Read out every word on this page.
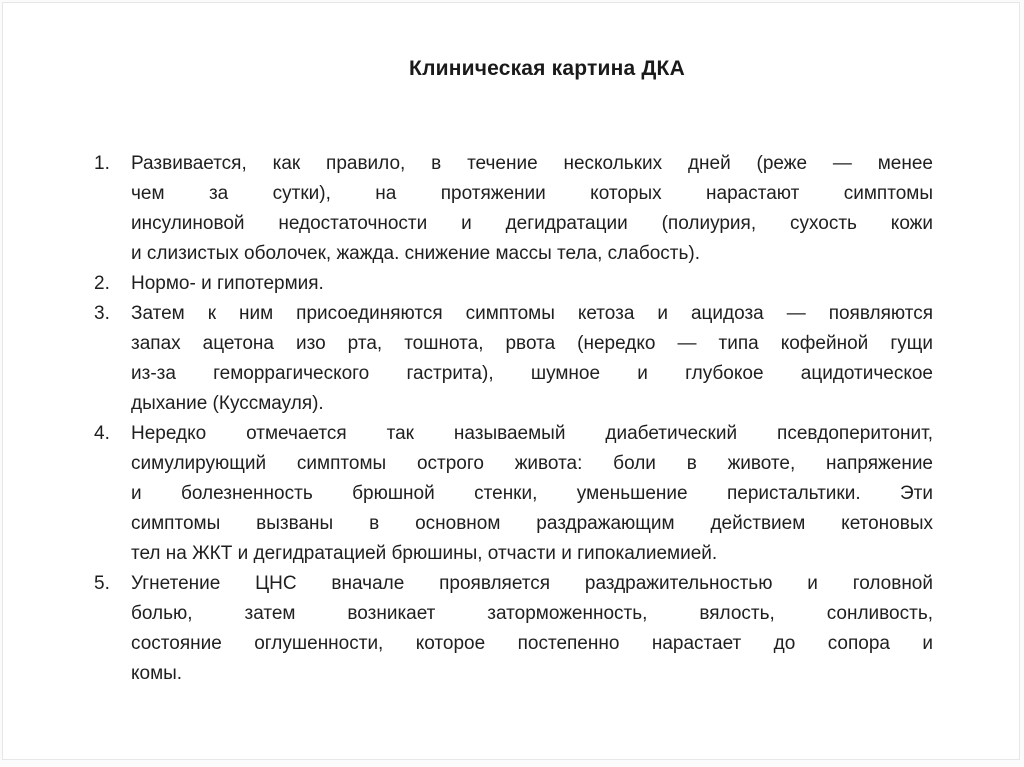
Клиническая картина ДКА
1.	Развивается, как правило, в течение нескольких дней (реже — менее
чем за сутки), на протяжении которых нарастают симптомы
инсулиновой недостаточности и дегидратации (полиурия, сухость кожи
и слизистых оболочек, жажда. снижение массы тела, слабость).
2.	Нормо- и гипотермия.
3.	Затем к ним присоединяются симптомы кетоза и ацидоза — появляются
запах ацетона изо рта, тошнота, рвота (нередко — типа кофейной гущи
из-за геморрагического гастрита), шумное и глубокое ацидотическое
дыхание (Куссмауля).
4.	Нередко отмечается так называемый диабетический псевдоперитонит,
симулирующий симптомы острого живота: боли в животе, напряжение
и болезненность брюшной стенки, уменьшение перистальтики. Эти
симптомы вызваны в основном раздражающим действием кетоновых
тел на ЖКТ и дегидратацией брюшины, отчасти и гипокалиемией.
5.	Угнетение ЦНС вначале проявляется раздражительностью и головной
болью, затем возникает заторможенность, вялость, сонливость,
состояние оглушенности, которое постепенно нарастает до сопора и
комы.
